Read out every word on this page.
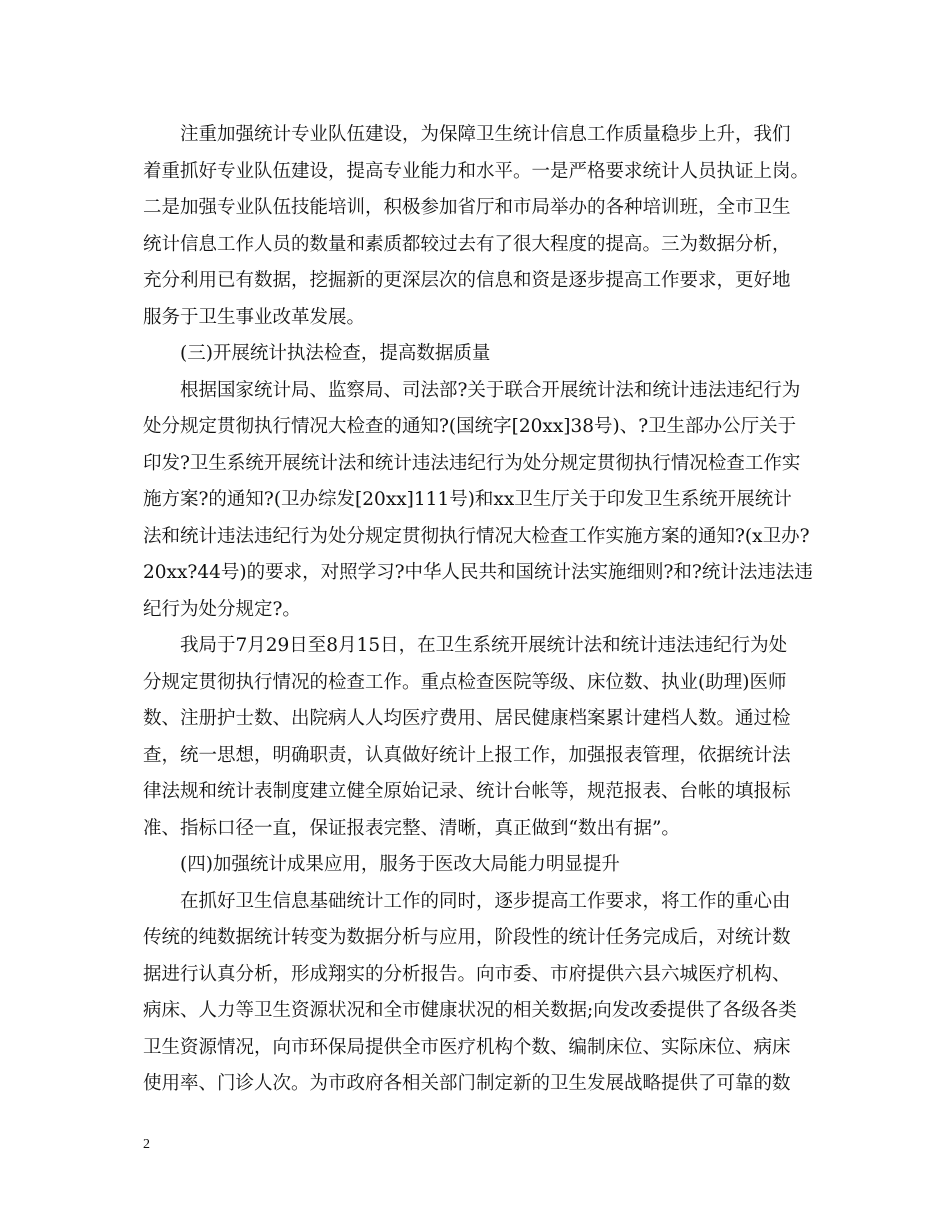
　　注重加强统计专业队伍建设，为保障卫生统计信息工作质量稳步上升，我们
着重抓好专业队伍建设，提高专业能力和水平。一是严格要求统计人员执证上岗。
二是加强专业队伍技能培训，积极参加省厅和市局举办的各种培训班，全市卫生
统计信息工作人员的数量和素质都较过去有了很大程度的提高。三为数据分析，
充分利用已有数据，挖掘新的更深层次的信息和资是逐步提高工作要求，更好地
服务于卫生事业改革发展。
　　(三)开展统计执法检查，提高数据质量
　　根据国家统计局、监察局、司法部?关于联合开展统计法和统计违法违纪行为
处分规定贯彻执行情况大检查的通知?(国统字[20xx]38号)、?卫生部办公厅关于
印发?卫生系统开展统计法和统计违法违纪行为处分规定贯彻执行情况检查工作实
施方案?的通知?(卫办综发[20xx]111号)和xx卫生厅关于印发卫生系统开展统计
法和统计违法违纪行为处分规定贯彻执行情况大检查工作实施方案的通知?(x卫办?
20xx?44号)的要求，对照学习?中华人民共和国统计法实施细则?和?统计法违法违
纪行为处分规定?。
　　我局于7月29日至8月15日，在卫生系统开展统计法和统计违法违纪行为处
分规定贯彻执行情况的检查工作。重点检查医院等级、床位数、执业(助理)医师
数、注册护士数、出院病人人均医疗费用、居民健康档案累计建档人数。通过检
查，统一思想，明确职责，认真做好统计上报工作，加强报表管理，依据统计法
律法规和统计表制度建立健全原始记录、统计台帐等，规范报表、台帐的填报标
准、指标口径一直，保证报表完整、清晰，真正做到“数出有据”。
　　(四)加强统计成果应用，服务于医改大局能力明显提升
　　在抓好卫生信息基础统计工作的同时，逐步提高工作要求，将工作的重心由
传统的纯数据统计转变为数据分析与应用，阶段性的统计任务完成后，对统计数
据进行认真分析，形成翔实的分析报告。向市委、市府提供六县六城医疗机构、
病床、人力等卫生资源状况和全市健康状况的相关数据;向发改委提供了各级各类
卫生资源情况，向市环保局提供全市医疗机构个数、编制床位、实际床位、病床
使用率、门诊人次。为市政府各相关部门制定新的卫生发展战略提供了可靠的数
2
